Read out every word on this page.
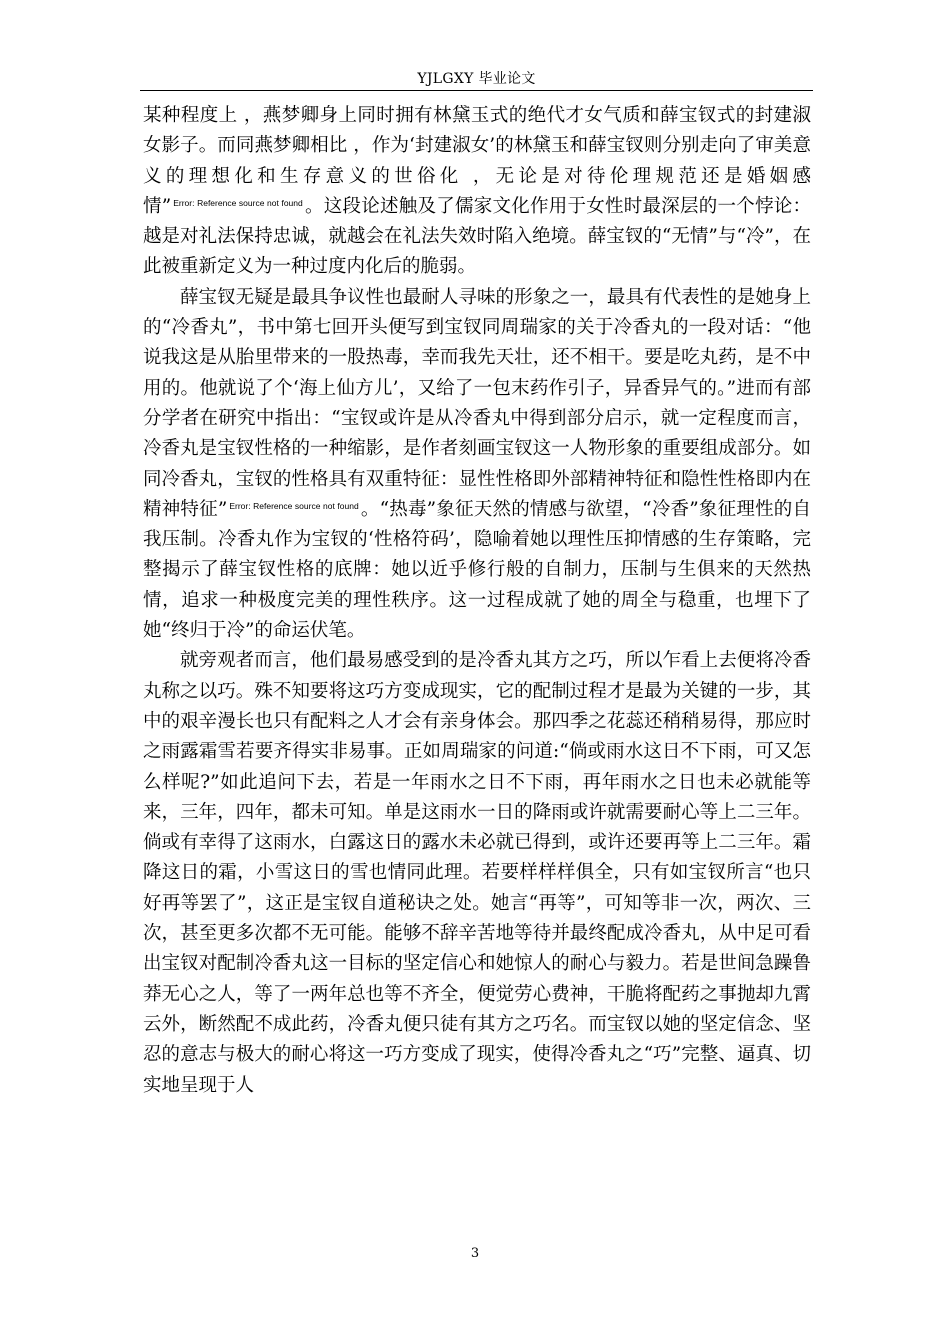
YJLGXY 毕业论文

某种程度上 ，燕梦卿身上同时拥有林黛玉式的绝代才女气质和薛宝钗式的封建淑女影子。而同燕梦卿相比 ，作为‘封建淑女’的林黛玉和薛宝钗则分别走向了审美意义的理想化和生存意义的世俗化 ，无论是对待伦理规范还是婚姻感情” $^{Error: Reference source not found}$ 。这段论述触及了儒家文化作用于女性时最深层的一个悖论：越是对礼法保持忠诚，就越会在礼法失效时陷入绝境。薛宝钗的“无情”与“冷”，在此被重新定义为一种过度内化后的脆弱。

薛宝钗无疑是最具争议性也最耐人寻味的形象之一，最具有代表性的是她身上的“冷香丸”，书中第七回开头便写到宝钗同周瑞家的关于冷香丸的一段对话：“他说我这是从胎里带来的一股热毒，幸而我先天壮，还不相干。要是吃丸药，是不中用的。他就说了个‘海上仙方儿’，又给了一包末药作引子，异香异气的。”进而有部分学者在研究中指出：“宝钗或许是从冷香丸中得到部分启示，就一定程度而言，冷香丸是宝钗性格的一种缩影，是作者刻画宝钗这一人物形象的重要组成部分。如同冷香丸，宝钗的性格具有双重特征：显性性格即外部精神特征和隐性性格即内在精神特征” $^{Error: Reference source not found}$ 。“热毒”象征天然的情感与欲望，“冷香”象征理性的自我压制。冷香丸作为宝钗的‘性格符码’，隐喻着她以理性压抑情感的生存策略，完整揭示了薛宝钗性格的底牌：她以近乎修行般的自制力，压制与生俱来的天然热情，追求一种极度完美的理性秩序。这一过程成就了她的周全与稳重，也埋下了她“终归于冷”的命运伏笔。

就旁观者而言，他们最易感受到的是冷香丸其方之巧，所以乍看上去便将冷香丸称之以巧。殊不知要将这巧方变成现实，它的配制过程才是最为关键的一步，其中的艰辛漫长也只有配料之人才会有亲身体会。那四季之花蕊还稍稍易得，那应时之雨露霜雪若要齐得实非易事。正如周瑞家的问道:“倘或雨水这日不下雨，可又怎么样呢?”如此追问下去，若是一年雨水之日不下雨，再年雨水之日也未必就能等来，三年，四年，都未可知。单是这雨水一日的降雨或许就需要耐心等上二三年。倘或有幸得了这雨水，白露这日的露水未必就已得到，或许还要再等上二三年。霜降这日的霜，小雪这日的雪也情同此理。若要样样样俱全，只有如宝钗所言“也只好再等罢了”，这正是宝钗自道秘诀之处。她言“再等”，可知等非一次，两次、三次，甚至更多次都不无可能。能够不辞辛苦地等待并最终配成冷香丸，从中足可看出宝钗对配制冷香丸这一目标的坚定信心和她惊人的耐心与毅力。若是世间急躁鲁莽无心之人，等了一两年总也等不齐全，便觉劳心费神，干脆将配药之事抛却九霄云外，断然配不成此药，冷香丸便只徒有其方之巧名。而宝钗以她的坚定信念、坚忍的意志与极大的耐心将这一巧方变成了现实，使得冷香丸之“巧”完整、逼真、切实地呈现于人

3
